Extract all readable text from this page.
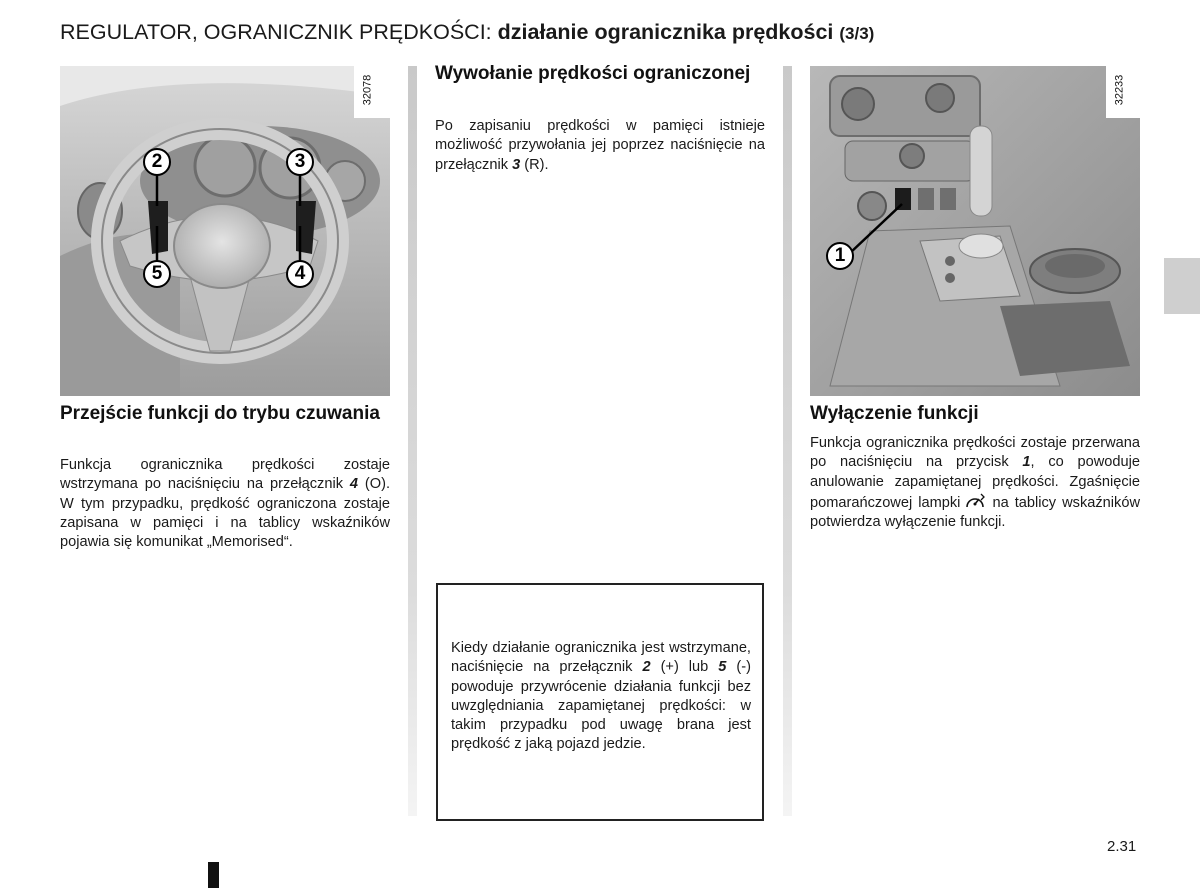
REGULATOR, OGRANICZNIK PRĘDKOŚCI: działanie ogranicznika prędkości (3/3)
32078
2	3
5	4
Przejście funkcji do trybu czuwania
Funkcja ogranicznika prędkości zostaje wstrzymana po naciśnięciu na przełącznik 4 (O). W tym przypadku, prędkość ograniczona zostaje zapisana w pamięci i na tablicy wskaźników pojawia się komunikat „Memorised“.
Wywołanie prędkości ograniczonej
Po zapisaniu prędkości w pamięci istnieje możliwość przywołania jej poprzez naciśnięcie na przełącznik 3 (R).
Kiedy działanie ogranicznika jest wstrzymane, naciśnięcie na przełącznik 2 (+) lub 5 (-) powoduje przywrócenie działania funkcji bez uwzględniania zapamiętanej prędkości: w takim przypadku pod uwagę brana jest prędkość z jaką pojazd jedzie.
32233
1
Wyłączenie funkcji
Funkcja ogranicznika prędkości zostaje przerwana po naciśnięciu na przycisk 1, co powoduje anulowanie zapamiętanej prędkości. Zgaśnięcie pomarańczowej lampki na tablicy wskaźników potwierdza wyłączenie funkcji.
2.31
